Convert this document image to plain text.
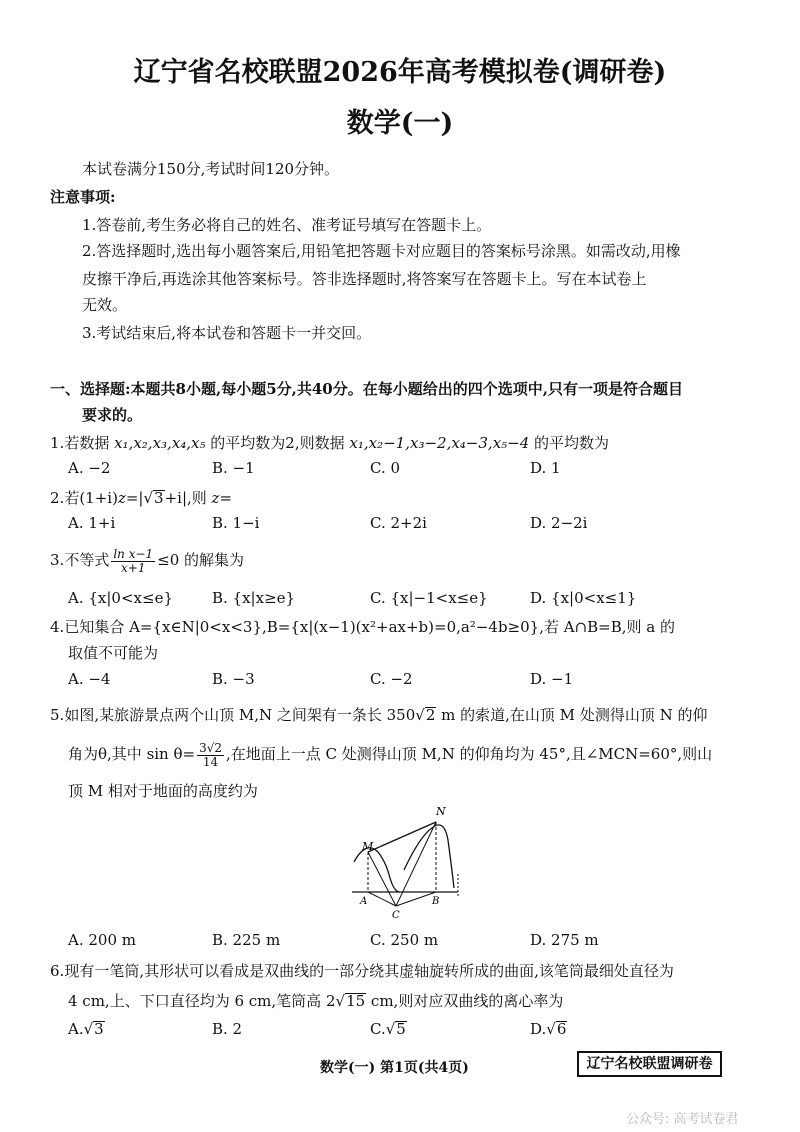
辽宁省名校联盟2026年高考模拟卷(调研卷)
数学(一)
本试卷满分150分,考试时间120分钟。
注意事项:
1.答卷前,考生务必将自己的姓名、准考证号填写在答题卡上。
2.答选择题时,选出每小题答案后,用铅笔把答题卡对应题目的答案标号涂黑。如需改动,用橡
皮擦干净后,再选涂其他答案标号。答非选择题时,将答案写在答题卡上。写在本试卷上
无效。
3.考试结束后,将本试卷和答题卡一并交回。
一、选择题:本题共8小题,每小题5分,共40分。在每小题给出的四个选项中,只有一项是符合题目
要求的。
1.若数据 x₁,x₂,x₃,x₄,x₅ 的平均数为2,则数据 x₁,x₂−1,x₃−2,x₄−3,x₅−4 的平均数为
A. −2	B. −1	C. 0	D. 1
2.若(1+i)z=|√3+i|,则 z=
A. 1+i	B. 1−i	C. 2+2i	D. 2−2i
3.不等式 $\frac{\text{ln x−1}}{x+1} \le 0$ 的解集为
A. {x|0<x≤e}	B. {x|x≥e}	C. {x|−1<x≤e}	D. {x|0<x≤1}
4.已知集合 A={x∈N|0<x<3},B={x|(x−1)(x²+ax+b)=0,a²−4b≥0},若 A∩B=B,则 a 的
取值不可能为
A. −4	B. −3	C. −2	D. −1
5.如图,某旅游景点两个山顶 M,N 之间架有一条长 350√2 m 的索道,在山顶 M 处测得山顶 N 的仰
角为θ,其中 $\sin \theta= \frac{3√2}{14}$ ,在地面上一点 C 处测得山顶 M,N 的仰角均为 45°,且∠MCN=60°,则山
顶 M 相对于地面的高度约为
M
N
A	B
C
A. 200 m	B. 225 m	C. 250 m	D. 275 m
6.现有一笔筒,其形状可以看成是双曲线的一部分绕其虚轴旋转所成的曲面,该笔筒最细处直径为
4 cm,上、下口直径均为 6 cm,笔筒高 2√15 cm,则对应双曲线的离心率为
A.√3	B. 2	C.√5	D.√6
数学(一) 第1页(共4页)	辽宁名校联盟调研卷
公众号: 高考试卷君
